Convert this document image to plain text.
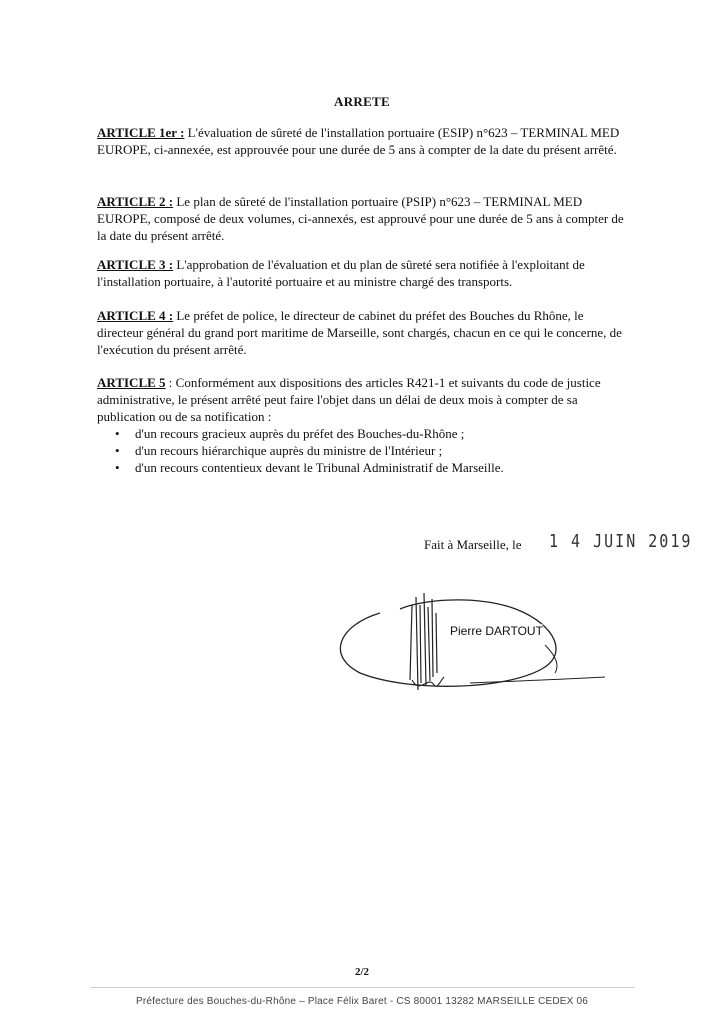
ARRETE
ARTICLE 1er : L'évaluation de sûreté de l'installation portuaire (ESIP) n°623 – TERMINAL MED EUROPE, ci-annexée, est approuvée pour une durée de 5 ans à compter de la date du présent arrêté.
ARTICLE 2 : Le plan de sûreté de l'installation portuaire (PSIP) n°623 – TERMINAL MED EUROPE, composé de deux volumes, ci-annexés, est approuvé pour une durée de 5 ans à compter de la date du présent arrêté.
ARTICLE 3 : L'approbation de l'évaluation et du plan de sûreté sera notifiée à l'exploitant de l'installation portuaire, à l'autorité portuaire et au ministre chargé des transports.
ARTICLE 4 : Le préfet de police, le directeur de cabinet du préfet des Bouches du Rhône, le directeur général du grand port maritime de Marseille, sont chargés, chacun en ce qui le concerne, de l'exécution du présent arrêté.
ARTICLE 5 : Conformément aux dispositions des articles R421-1 et suivants du code de justice administrative, le présent arrêté peut faire l'objet dans un délai de deux mois à compter de sa publication ou de sa notification :
• d'un recours gracieux auprès du préfet des Bouches-du-Rhône ;
• d'un recours hiérarchique auprès du ministre de l'Intérieur ;
• d'un recours contentieux devant le Tribunal Administratif de Marseille.
Fait à Marseille, le 1 4 JUIN 2019
Pierre DARTOUT
2/2
Préfecture des Bouches-du-Rhône – Place Félix Baret - CS 80001 13282 MARSEILLE CEDEX 06
